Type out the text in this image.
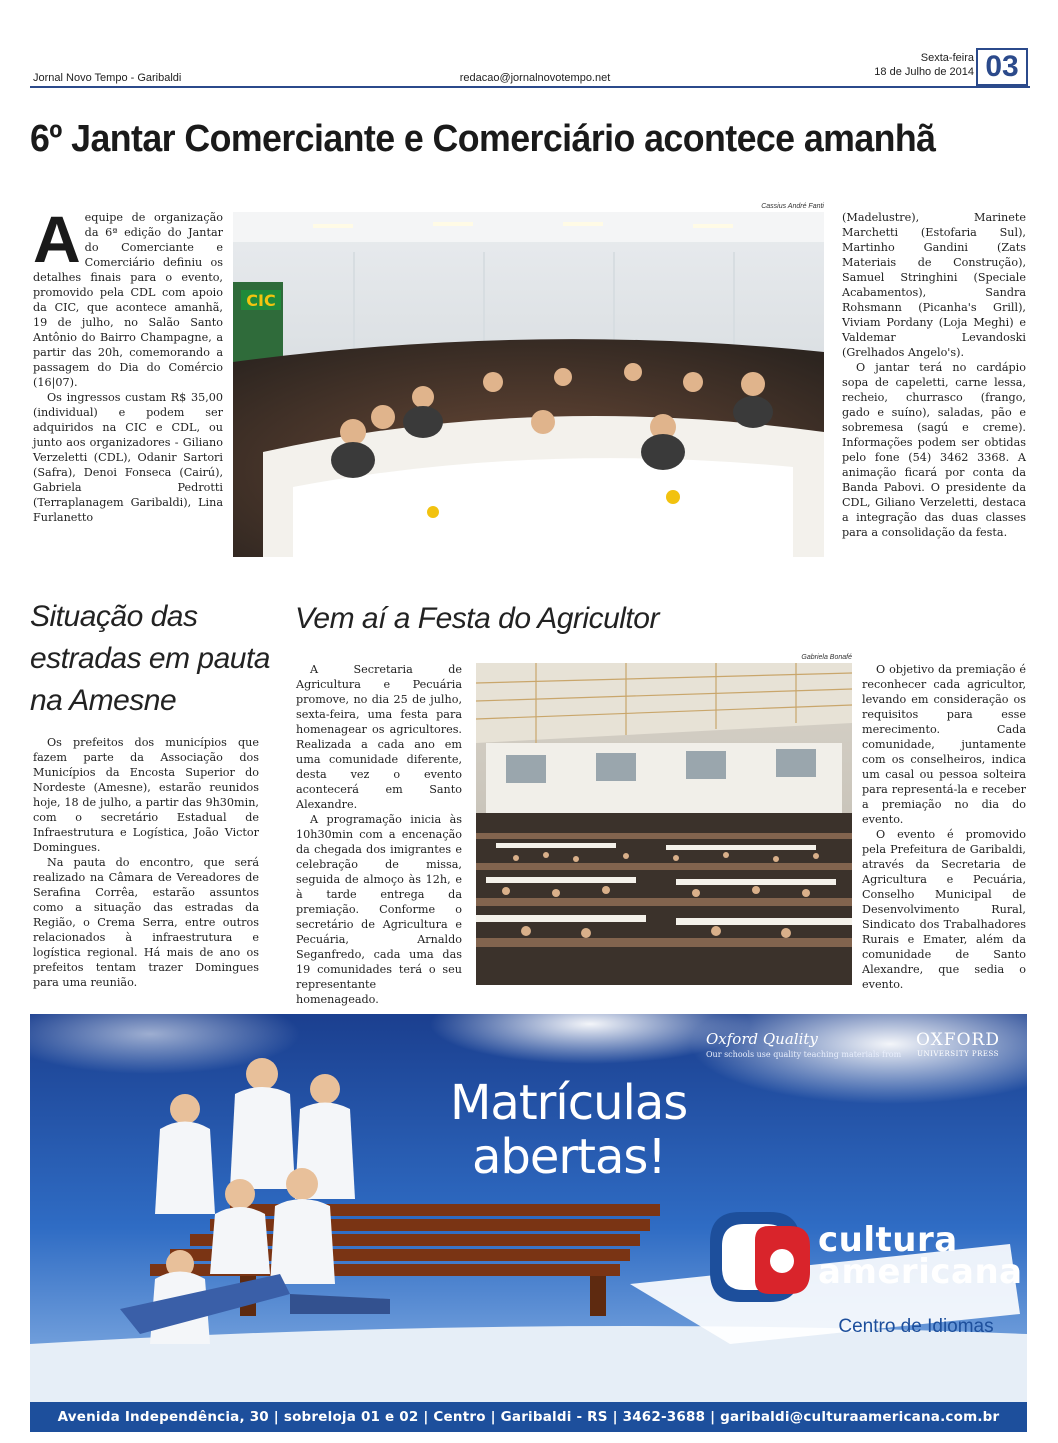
Jornal Novo Tempo - Garibaldi	redacao@jornalnovotempo.net
Sexta-feira
18 de Julho de 2014 03
6º Jantar Comerciante e Comerciário acontece amanhã

Aequipe de organização da 6ª edição do Jantar do Comerciante e Comerciário definiu os detalhes finais para o evento, promovido pela CDL com apoio da CIC, que acontece amanhã, 19 de julho, no Salão Santo Antônio do Bairro Champagne, a partir das 20h, comemorando a passagem do Dia do Comércio (16|07).

Os ingressos custam R$ 35,00 (individual) e podem ser adquiridos na CIC e CDL, ou junto aos organizadores - Giliano Verzeletti (CDL), Odanir Sartori (Safra), Denoi Fonseca (Cairú), Gabriela Pedrotti (Terraplanagem Garibaldi), Lina Furlanetto

Cassius André Fanti
CIC

(Madelustre), Marinete Marchetti (Estofaria Sul), Martinho Gandini (Zats Materiais de Construção), Samuel Stringhini (Speciale Acabamentos), Sandra Rohsmann (Picanha's Grill), Viviam Pordany (Loja Meghi) e Valdemar Levandoski (Grelhados Angelo's).

O jantar terá no cardápio sopa de capeletti, carne lessa, recheio, churrasco (frango, gado e suíno), saladas, pão e sobremesa (sagú e creme). Informações podem ser obtidas pelo fone (54) 3462 3368. A animação ficará por conta da Banda Pabovi. O presidente da CDL, Giliano Verzeletti, destaca a integração das duas classes para a consolidação da festa.

Situação das estradas em pauta na Amesne

Os prefeitos dos municípios que fazem parte da Associação dos Municípios da Encosta Superior do Nordeste (Amesne), estarão reunidos hoje, 18 de julho, a partir das 9h30min, com o secretário Estadual de Infraestrutura e Logística, João Victor Domingues.

Na pauta do encontro, que será realizado na Câmara de Vereadores de Serafina Corrêa, estarão assuntos como a situação das estradas da Região, o Crema Serra, entre outros relacionados à infraestrutura e logística regional. Há mais de ano os prefeitos tentam trazer Domingues para uma reunião.

Vem aí a Festa do Agricultor

A Secretaria de Agricultura e Pecuária promove, no dia 25 de julho, sexta-feira, uma festa para homenagear os agricultores. Realizada a cada ano em uma comunidade diferente, desta vez o evento acontecerá em Santo Alexandre.

A programação inicia às 10h30min com a encenação da chegada dos imigrantes e celebração de missa, seguida de almoço às 12h, e à tarde entrega da premiação. Conforme o secretário de Agricultura e Pecuária, Arnaldo Seganfredo, cada uma das 19 comunidades terá o seu representante homenageado.

Gabriela Bonafé

O objetivo da premiação é reconhecer cada agricultor, levando em consideração os requisitos para esse merecimento. Cada comunidade, juntamente com os conselheiros, indica um casal ou pessoa solteira para representá-la e receber a premiação no dia do evento.

O evento é promovido pela Prefeitura de Garibaldi, através da Secretaria de Agricultura e Pecuária, Conselho Municipal de Desenvolvimento Rural, Sindicato dos Trabalhadores Rurais e Emater, além da comunidade de Santo Alexandre, que sedia o evento.

Oxford Quality
Our schools use quality teaching materials from
OXFORD
UNIVERSITY PRESS
Matrículas
abertas!
cultura
americana
Centro de Idiomas
Avenida Independência, 30 | sobreloja 01 e 02 | Centro | Garibaldi - RS | 3462-3688 | garibaldi@culturaamericana.com.br
